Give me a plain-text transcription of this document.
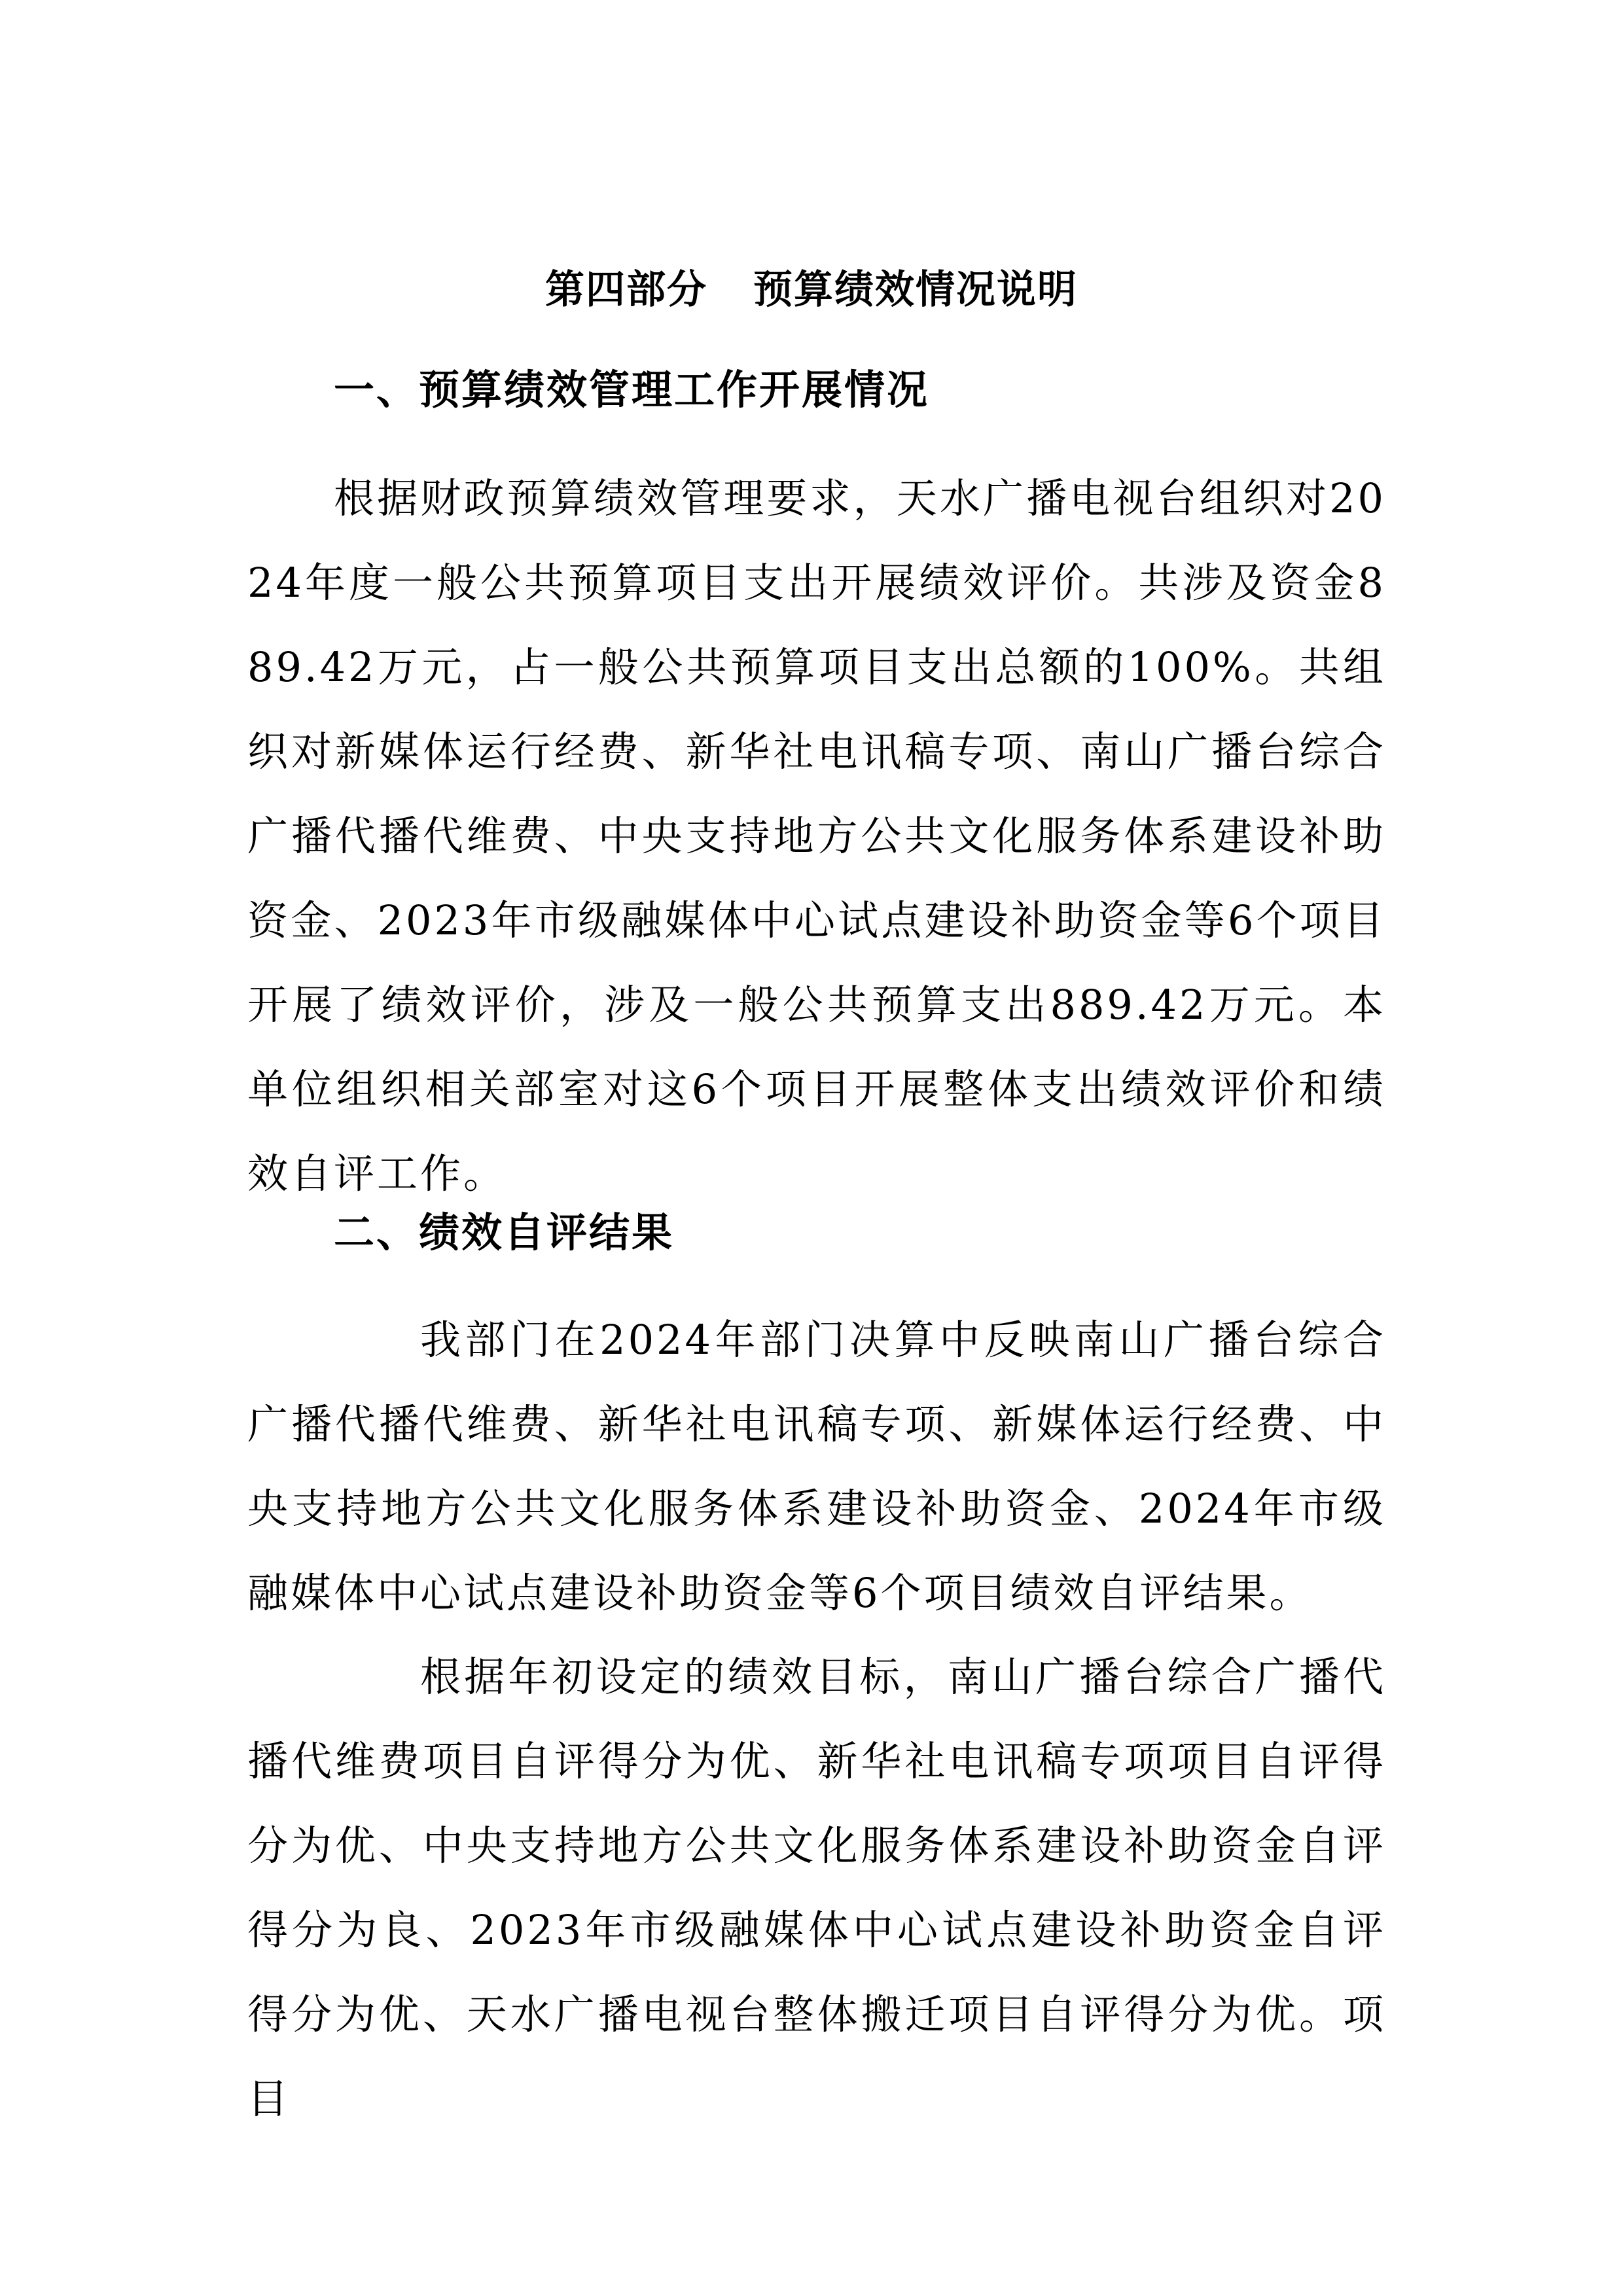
第四部分 预算绩效情况说明
一、预算绩效管理工作开展情况

根据财政预算绩效管理要求，天水广播电视台组织对2024年度一般公共预算项目支出开展绩效评价。共涉及资金889.42万元，占一般公共预算项目支出总额的100%。共组织对新媒体运行经费、新华社电讯稿专项、南山广播台综合广播代播代维费、中央支持地方公共文化服务体系建设补助资金、2023年市级融媒体中心试点建设补助资金等6个项目开展了绩效评价，涉及一般公共预算支出889.42万元。本单位组织相关部室对这6个项目开展整体支出绩效评价和绩效自评工作。

二、绩效自评结果

我部门在2024年部门决算中反映南山广播台综合广播代播代维费、新华社电讯稿专项、新媒体运行经费、中央支持地方公共文化服务体系建设补助资金、2024年市级融媒体中心试点建设补助资金等6个项目绩效自评结果。

根据年初设定的绩效目标，南山广播台综合广播代播代维费项目自评得分为优、新华社电讯稿专项项目自评得分为优、中央支持地方公共文化服务体系建设补助资金自评得分为良、2023年市级融媒体中心试点建设补助资金自评得分为优、天水广播电视台整体搬迁项目自评得分为优。项目
